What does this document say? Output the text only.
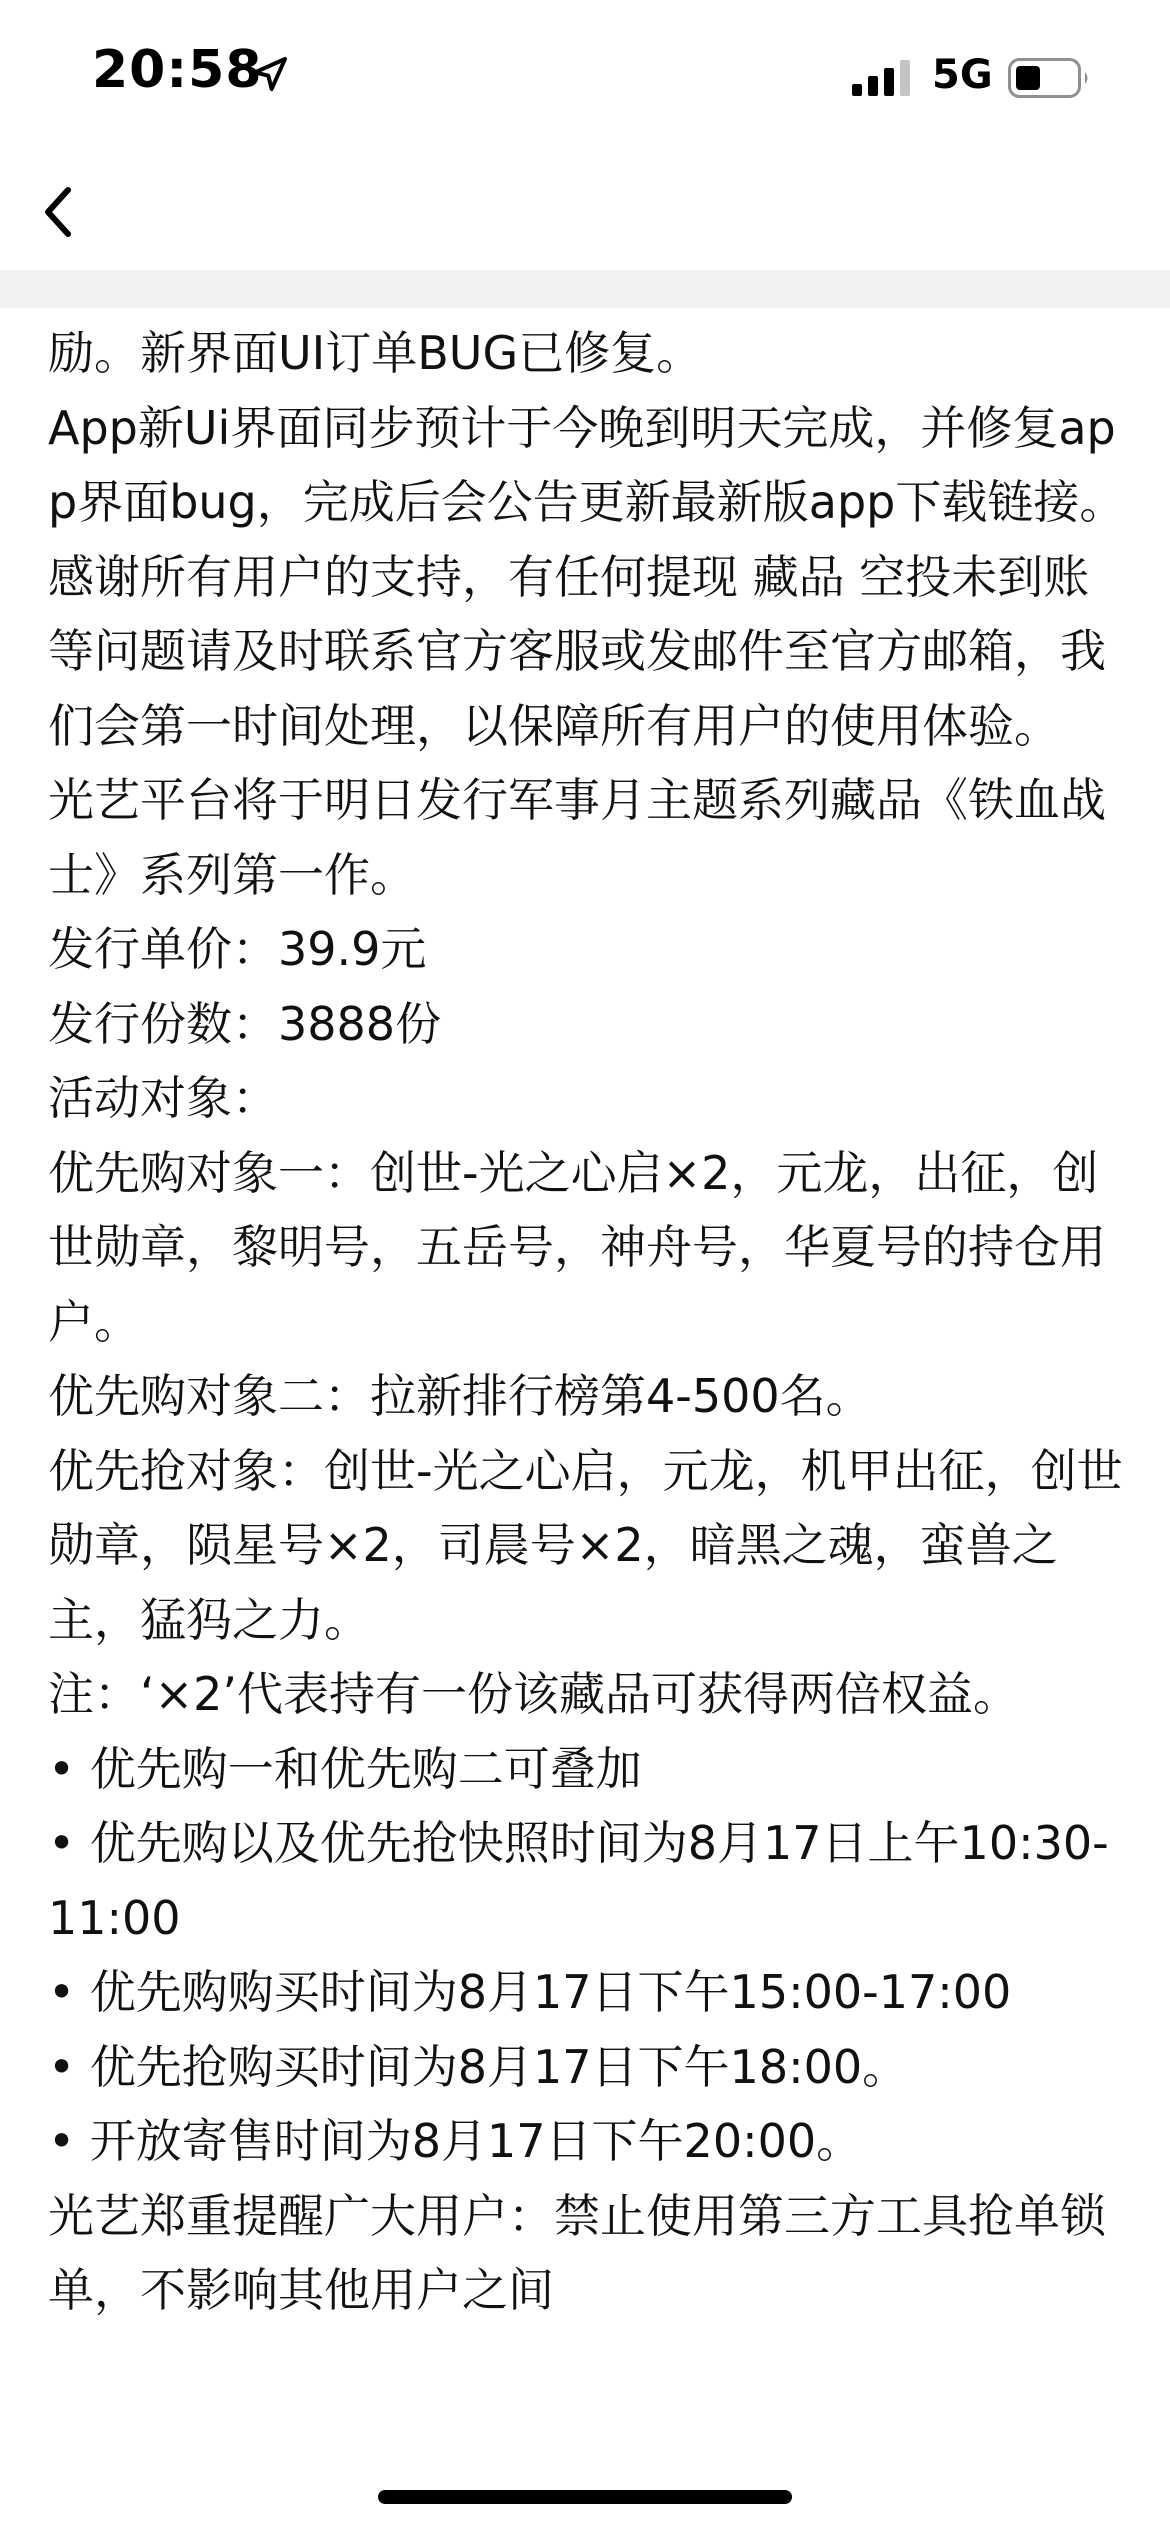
20:58	5G

励。新界面UI订单BUG已修复。

App新Ui界面同步预计于今晚到明天完成，并修复app界面bug，完成后会公告更新最新版app下载链接。

感谢所有用户的支持，有任何提现 藏品 空投未到账等问题请及时联系官方客服或发邮件至官方邮箱，我们会第一时间处理，以保障所有用户的使用体验。

光艺平台将于明日发行军事月主题系列藏品《铁血战士》系列第一作。

发行单价：39.9元

发行份数：3888份

活动对象：

优先购对象一：创世-光之心启×2，元龙，出征，创世勋章，黎明号，五岳号，神舟号，华夏号的持仓用户。

优先购对象二：拉新排行榜第4-500名。

优先抢对象：创世-光之心启，元龙，机甲出征，创世勋章，陨星号×2，司晨号×2，暗黑之魂，蛮兽之主，猛犸之力。

注：‘×2’代表持有一份该藏品可获得两倍权益。

• 优先购一和优先购二可叠加

• 优先购以及优先抢快照时间为8月17日上午10:30-11:00

• 优先购购买时间为8月17日下午15:00-17:00

• 优先抢购买时间为8月17日下午18:00。

• 开放寄售时间为8月17日下午20:00。

光艺郑重提醒广大用户：禁止使用第三方工具抢单锁单，不影响其他用户之间
